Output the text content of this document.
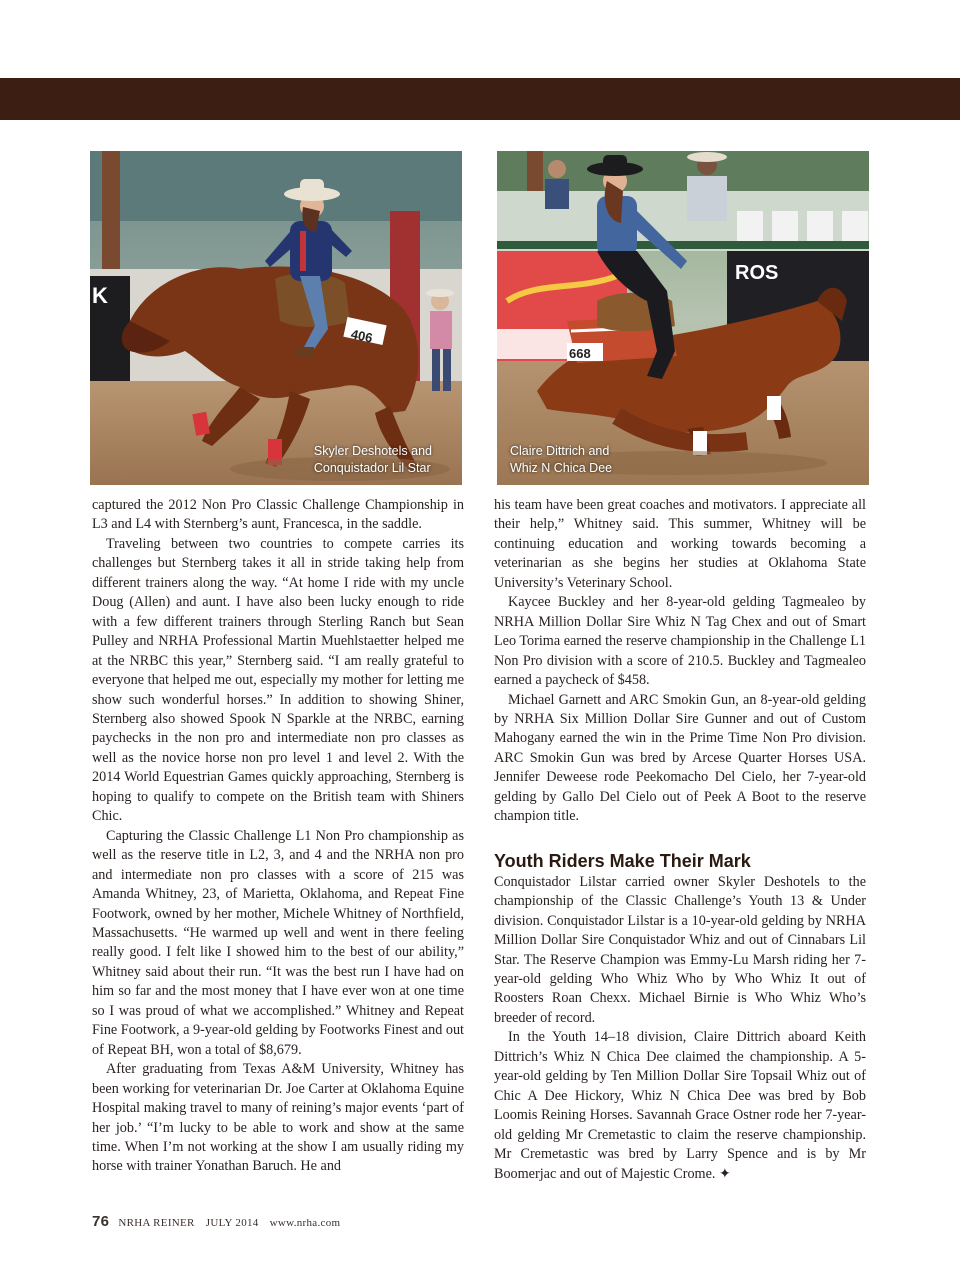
K
406
Skyler Deshotels and
Conquistador Lil Star
ROS
668
Claire Dittrich and
Whiz N Chica Dee

captured the 2012 Non Pro Classic Challenge Championship in L3 and L4 with Sternberg’s aunt, Francesca, in the saddle.

Traveling between two countries to compete carries its challenges but Sternberg takes it all in stride taking help from different trainers along the way. “At home I ride with my uncle Doug (Allen) and aunt. I have also been lucky enough to ride with a few different trainers through Sterling Ranch but Sean Pulley and NRHA Professional Martin Muehlstaetter helped me at the NRBC this year,” Sternberg said. “I am really grateful to everyone that helped me out, especially my mother for letting me show such wonderful horses.” In addition to showing Shiner, Sternberg also showed Spook N Sparkle at the NRBC, earning paychecks in the non pro and intermediate non pro classes as well as the novice horse non pro level 1 and level 2. With the 2014 World Equestrian Games quickly approaching, Sternberg is hoping to qualify to compete on the British team with Shiners Chic.

Capturing the Classic Challenge L1 Non Pro championship as well as the reserve title in L2, 3, and 4 and the NRHA non pro and intermediate non pro classes with a score of 215 was Amanda Whitney, 23, of Marietta, Oklahoma, and Repeat Fine Footwork, owned by her mother, Michele Whitney of Northfield, Massachusetts. “He warmed up well and went in there feeling really good. I felt like I showed him to the best of our ability,” Whitney said about their run. “It was the best run I have had on him so far and the most money that I have ever won at one time so I was proud of what we accomplished.” Whitney and Repeat Fine Footwork, a 9-year-old gelding by Footworks Finest and out of Repeat BH, won a total of $8,679.

After graduating from Texas A&M University, Whitney has been working for veterinarian Dr. Joe Carter at Oklahoma Equine Hospital making travel to many of reining’s major events ‘part of her job.’ “I’m lucky to be able to work and show at the same time. When I’m not working at the show I am usually riding my horse with trainer Yonathan Baruch. He and

his team have been great coaches and motivators. I appreciate all their help,” Whitney said. This summer, Whitney will be continuing education and working towards becoming a veterinarian as she begins her studies at Oklahoma State University’s Veterinary School.

Kaycee Buckley and her 8-year-old gelding Tagmealeo by NRHA Million Dollar Sire Whiz N Tag Chex and out of Smart Leo Torima earned the reserve championship in the Challenge L1 Non Pro division with a score of 210.5. Buckley and Tagmealeo earned a paycheck of $458.

Michael Garnett and ARC Smokin Gun, an 8-year-old gelding by NRHA Six Million Dollar Sire Gunner and out of Custom Mahogany earned the win in the Prime Time Non Pro division. ARC Smokin Gun was bred by Arcese Quarter Horses USA. Jennifer Deweese rode Peekomacho Del Cielo, her 7-year-old gelding by Gallo Del Cielo out of Peek A Boot to the reserve champion title.

Youth Riders Make Their Mark

Conquistador Lilstar carried owner Skyler Deshotels to the championship of the Classic Challenge’s Youth 13 & Under division. Conquistador Lilstar is a 10-year-old gelding by NRHA Million Dollar Sire Conquistador Whiz and out of Cinnabars Lil Star. The Reserve Champion was Emmy-Lu Marsh riding her 7-year-old gelding Who Whiz Who by Who Whiz It out of Roosters Roan Chexx. Michael Birnie is Who Whiz Who’s breeder of record.

In the Youth 14–18 division, Claire Dittrich aboard Keith Dittrich’s Whiz N Chica Dee claimed the championship. A 5-year-old gelding by Ten Million Dollar Sire Topsail Whiz out of Chic A Dee Hickory, Whiz N Chica Dee was bred by Bob Loomis Reining Horses. Savannah Grace Ostner rode her 7-year-old gelding Mr Cremetastic to claim the reserve championship. Mr Cremetastic was bred by Larry Spence and is by Mr Boomerjac and out of Majestic Crome. ✦

76 NRHA REINER JULY 2014 www.nrha.com
